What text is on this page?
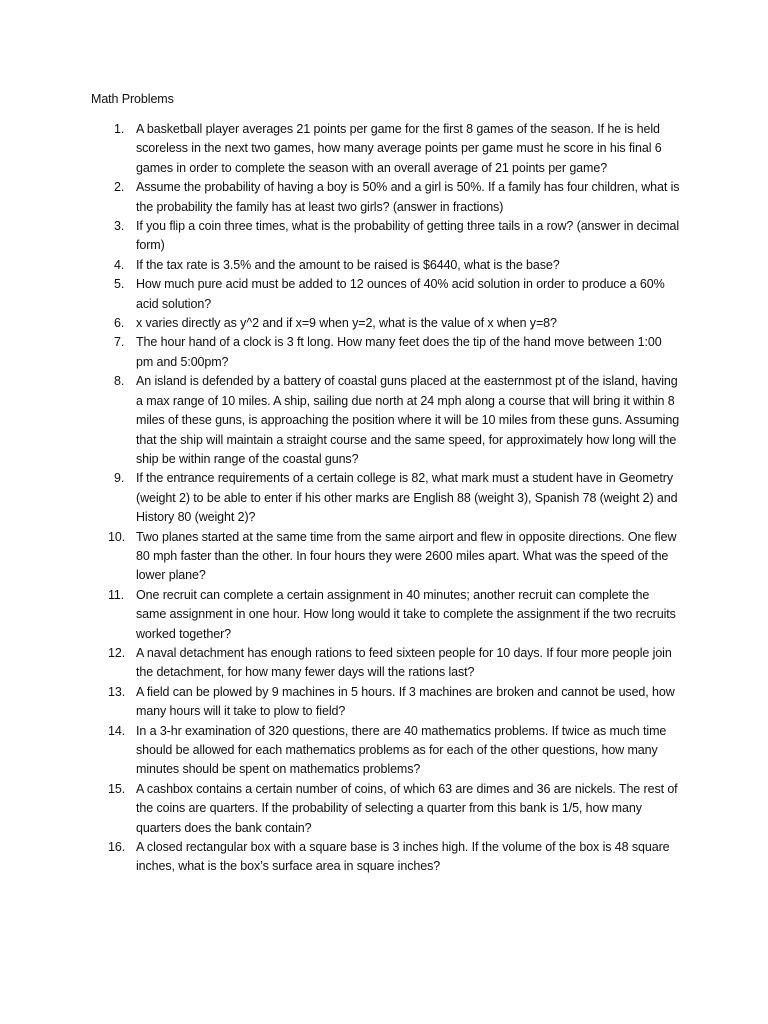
Math Problems
1. A basketball player averages 21 points per game for the first 8 games of the season. If he is held scoreless in the next two games, how many average points per game must he score in his final 6 games in order to complete the season with an overall average of 21 points per game?
2. Assume the probability of having a boy is 50% and a girl is 50%. If a family has four children, what is the probability the family has at least two girls? (answer in fractions)
3. If you flip a coin three times, what is the probability of getting three tails in a row? (answer in decimal form)
4. If the tax rate is 3.5% and the amount to be raised is $6440, what is the base?
5. How much pure acid must be added to 12 ounces of 40% acid solution in order to produce a 60% acid solution?
6. x varies directly as y^2 and if x=9 when y=2, what is the value of x when y=8?
7. The hour hand of a clock is 3 ft long. How many feet does the tip of the hand move between 1:00 pm and 5:00pm?
8. An island is defended by a battery of coastal guns placed at the easternmost pt of the island, having a max range of 10 miles. A ship, sailing due north at 24 mph along a course that will bring it within 8 miles of these guns, is approaching the position where it will be 10 miles from these guns. Assuming that the ship will maintain a straight course and the same speed, for approximately how long will the ship be within range of the coastal guns?
9. If the entrance requirements of a certain college is 82, what mark must a student have in Geometry (weight 2) to be able to enter if his other marks are English 88 (weight 3), Spanish 78 (weight 2) and History 80 (weight 2)?
10. Two planes started at the same time from the same airport and flew in opposite directions. One flew 80 mph faster than the other. In four hours they were 2600 miles apart. What was the speed of the lower plane?
11. One recruit can complete a certain assignment in 40 minutes; another recruit can complete the same assignment in one hour. How long would it take to complete the assignment if the two recruits worked together?
12. A naval detachment has enough rations to feed sixteen people for 10 days. If four more people join the detachment, for how many fewer days will the rations last?
13. A field can be plowed by 9 machines in 5 hours. If 3 machines are broken and cannot be used, how many hours will it take to plow to field?
14. In a 3-hr examination of 320 questions, there are 40 mathematics problems. If twice as much time should be allowed for each mathematics problems as for each of the other questions, how many minutes should be spent on mathematics problems?
15. A cashbox contains a certain number of coins, of which 63 are dimes and 36 are nickels. The rest of the coins are quarters. If the probability of selecting a quarter from this bank is 1/5, how many quarters does the bank contain?
16. A closed rectangular box with a square base is 3 inches high. If the volume of the box is 48 square inches, what is the box’s surface area in square inches?
